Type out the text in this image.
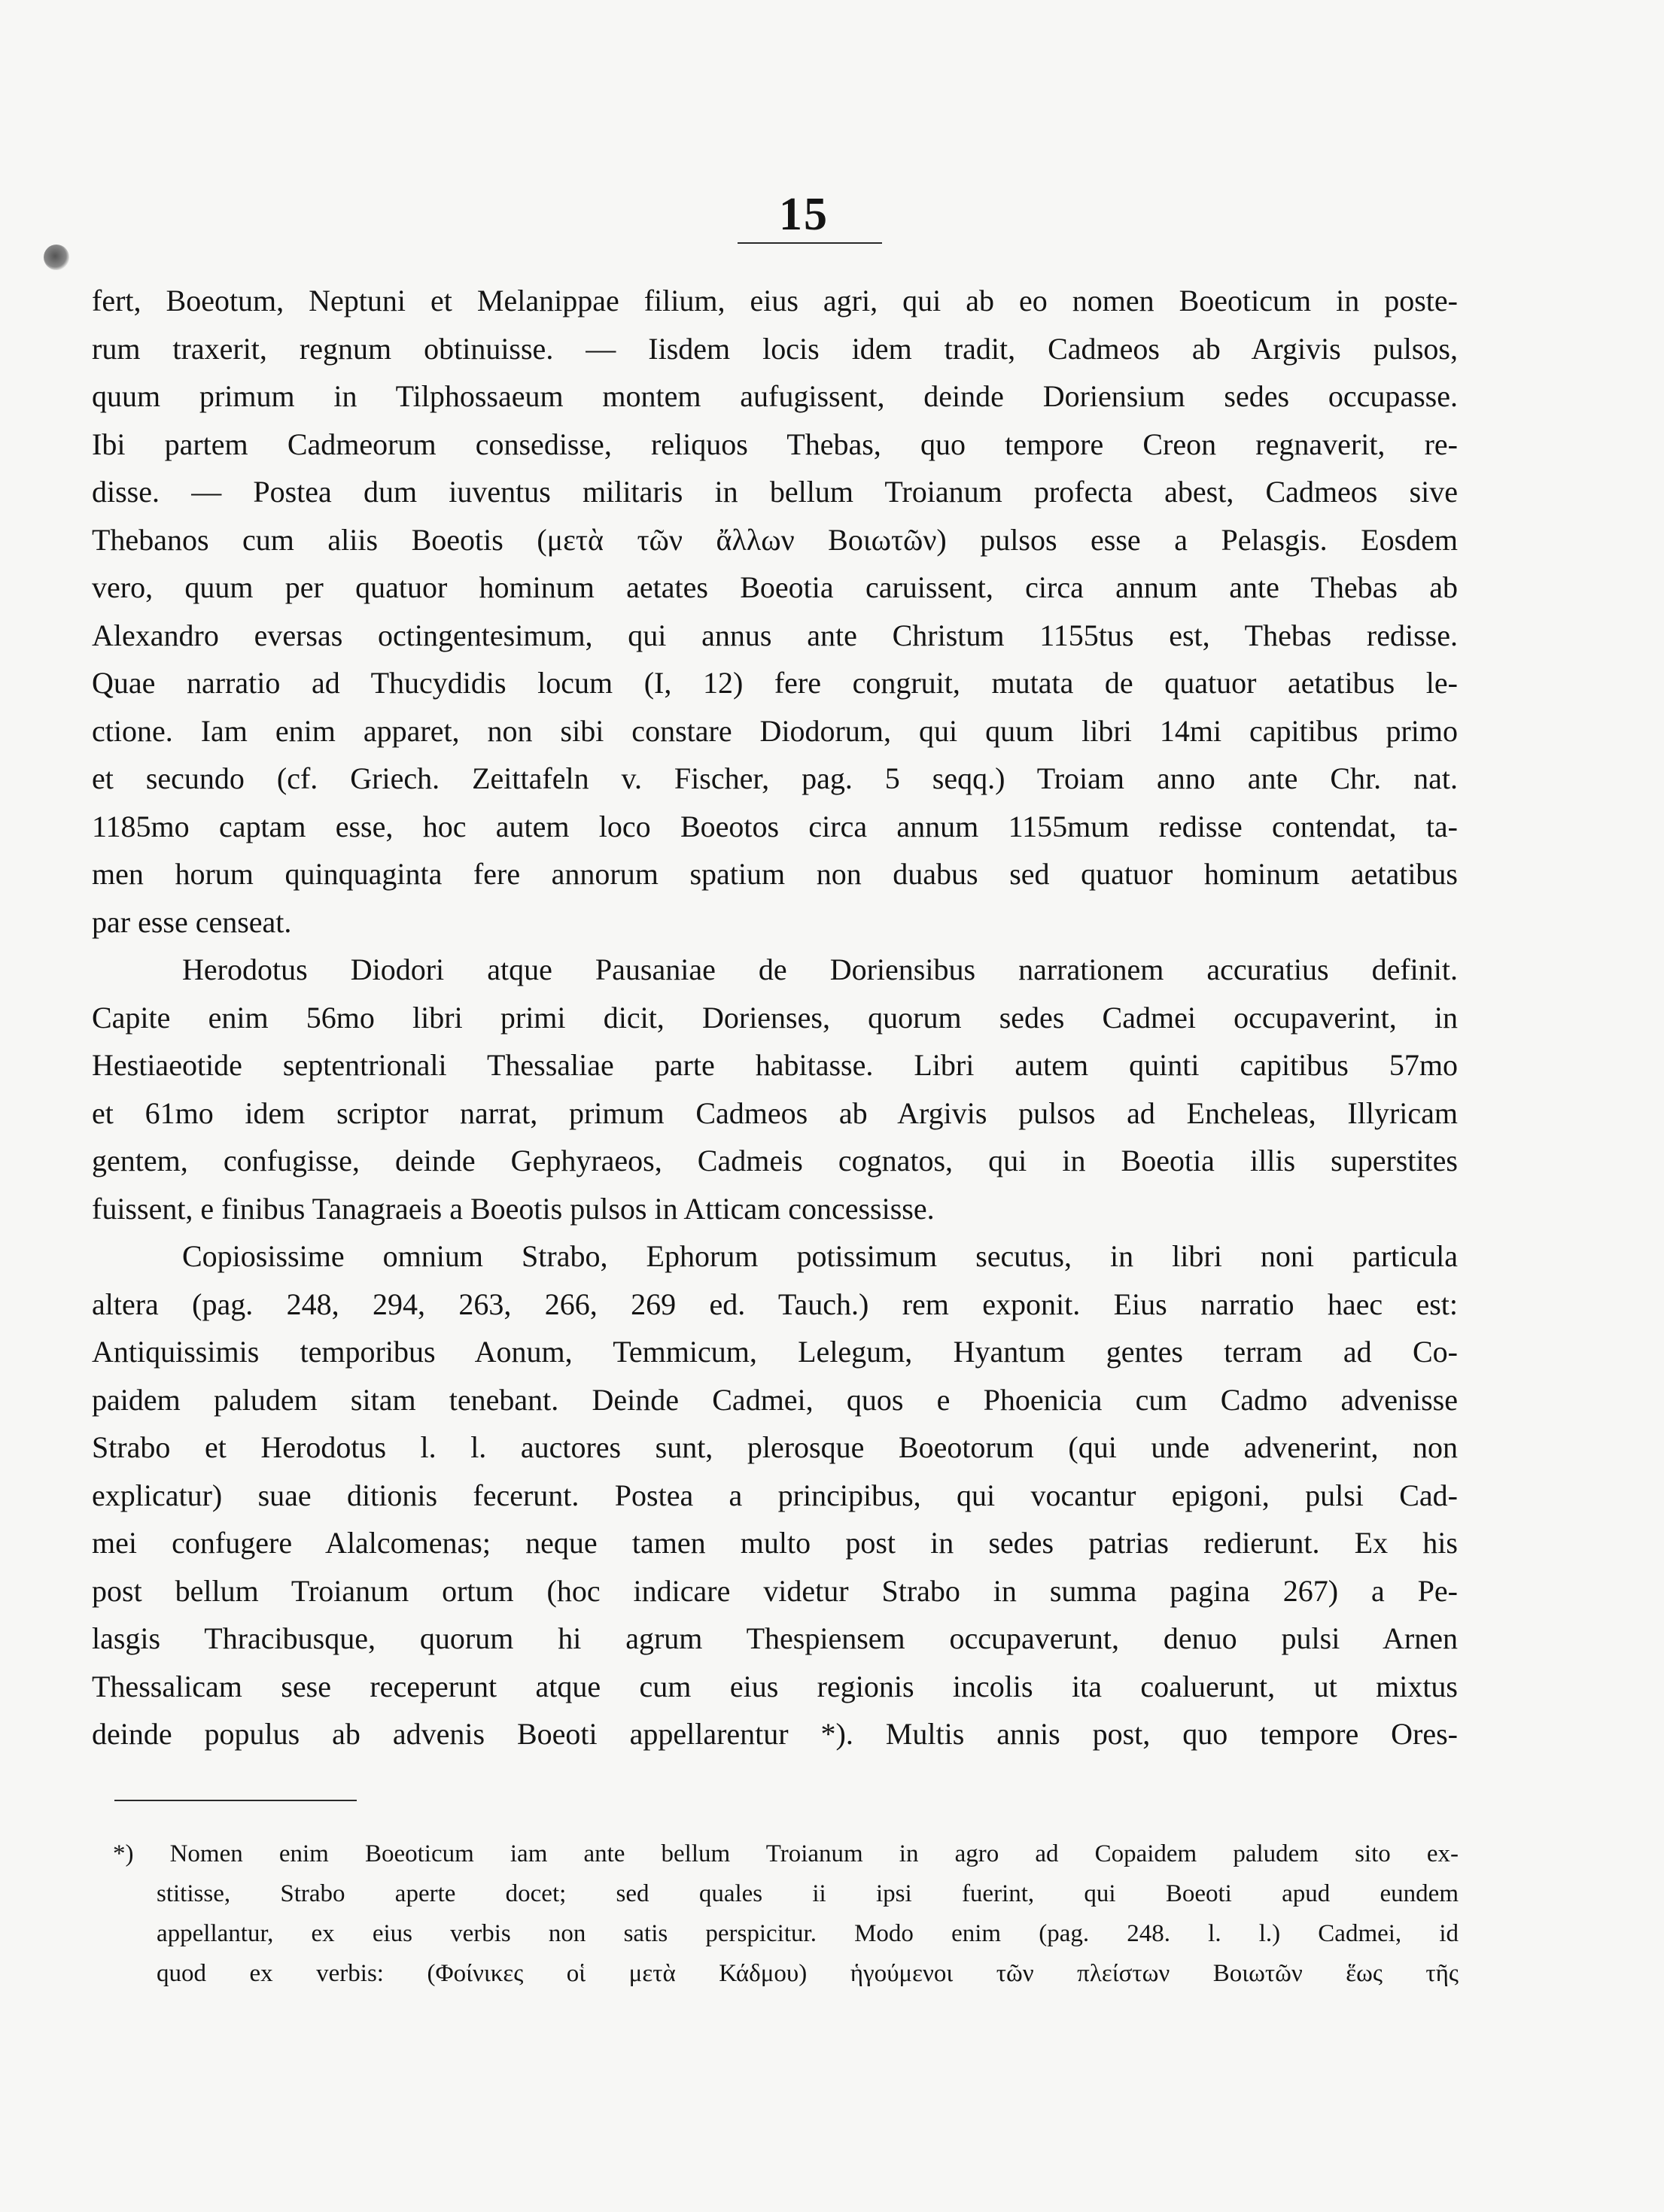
15
fert, Boeotum, Neptuni et Melanippae filium, eius agri, qui ab eo nomen Boeoticum in poste-
rum traxerit, regnum obtinuisse. — Iisdem locis idem tradit, Cadmeos ab Argivis pulsos,
quum primum in Tilphossaeum montem aufugissent, deinde Doriensium sedes occupasse.
Ibi partem Cadmeorum consedisse, reliquos Thebas, quo tempore Creon regnaverit, re-
disse. — Postea dum iuventus militaris in bellum Troianum profecta abest, Cadmeos sive
Thebanos cum aliis Boeotis (μετὰ τῶν ἄλλων Βοιωτῶν) pulsos esse a Pelasgis. Eosdem
vero, quum per quatuor hominum aetates Boeotia caruissent, circa annum ante Thebas ab
Alexandro eversas octingentesimum, qui annus ante Christum 1155tus est, Thebas redisse.
Quae narratio ad Thucydidis locum (I, 12) fere congruit, mutata de quatuor aetatibus le-
ctione. Iam enim apparet, non sibi constare Diodorum, qui quum libri 14mi capitibus primo
et secundo (cf. Griech. Zeittafeln v. Fischer, pag. 5 seqq.) Troiam anno ante Chr. nat.
1185mo captam esse, hoc autem loco Boeotos circa annum 1155mum redisse contendat, ta-
men horum quinquaginta fere annorum spatium non duabus sed quatuor hominum aetatibus
par esse censeat.
Herodotus Diodori atque Pausaniae de Doriensibus narrationem accuratius definit.
Capite enim 56mo libri primi dicit, Dorienses, quorum sedes Cadmei occupaverint, in
Hestiaeotide septentrionali Thessaliae parte habitasse. Libri autem quinti capitibus 57mo
et 61mo idem scriptor narrat, primum Cadmeos ab Argivis pulsos ad Encheleas, Illyricam
gentem, confugisse, deinde Gephyraeos, Cadmeis cognatos, qui in Boeotia illis superstites
fuissent, e finibus Tanagraeis a Boeotis pulsos in Atticam concessisse.
Copiosissime omnium Strabo, Ephorum potissimum secutus, in libri noni particula
altera (pag. 248, 294, 263, 266, 269 ed. Tauch.) rem exponit. Eius narratio haec est:
Antiquissimis temporibus Aonum, Temmicum, Lelegum, Hyantum gentes terram ad Co-
paidem paludem sitam tenebant. Deinde Cadmei, quos e Phoenicia cum Cadmo advenisse
Strabo et Herodotus l. l. auctores sunt, plerosque Boeotorum (qui unde advenerint, non
explicatur) suae ditionis fecerunt. Postea a principibus, qui vocantur epigoni, pulsi Cad-
mei confugere Alalcomenas; neque tamen multo post in sedes patrias redierunt. Ex his
post bellum Troianum ortum (hoc indicare videtur Strabo in summa pagina 267) a Pe-
lasgis Thracibusque, quorum hi agrum Thespiensem occupaverunt, denuo pulsi Arnen
Thessalicam sese receperunt atque cum eius regionis incolis ita coaluerunt, ut mixtus
deinde populus ab advenis Boeoti appellarentur *). Multis annis post, quo tempore Ores-
*) Nomen enim Boeoticum iam ante bellum Troianum in agro ad Copaidem paludem sito ex-
stitisse, Strabo aperte docet; sed quales ii ipsi fuerint, qui Boeoti apud eundem
appellantur, ex eius verbis non satis perspicitur. Modo enim (pag. 248. l. l.) Cadmei, id
quod ex verbis: (Φοίνικες οἱ μετὰ Κάδμου) ἡγούμενοι τῶν πλείστων Βοιωτῶν ἕως τῆς
